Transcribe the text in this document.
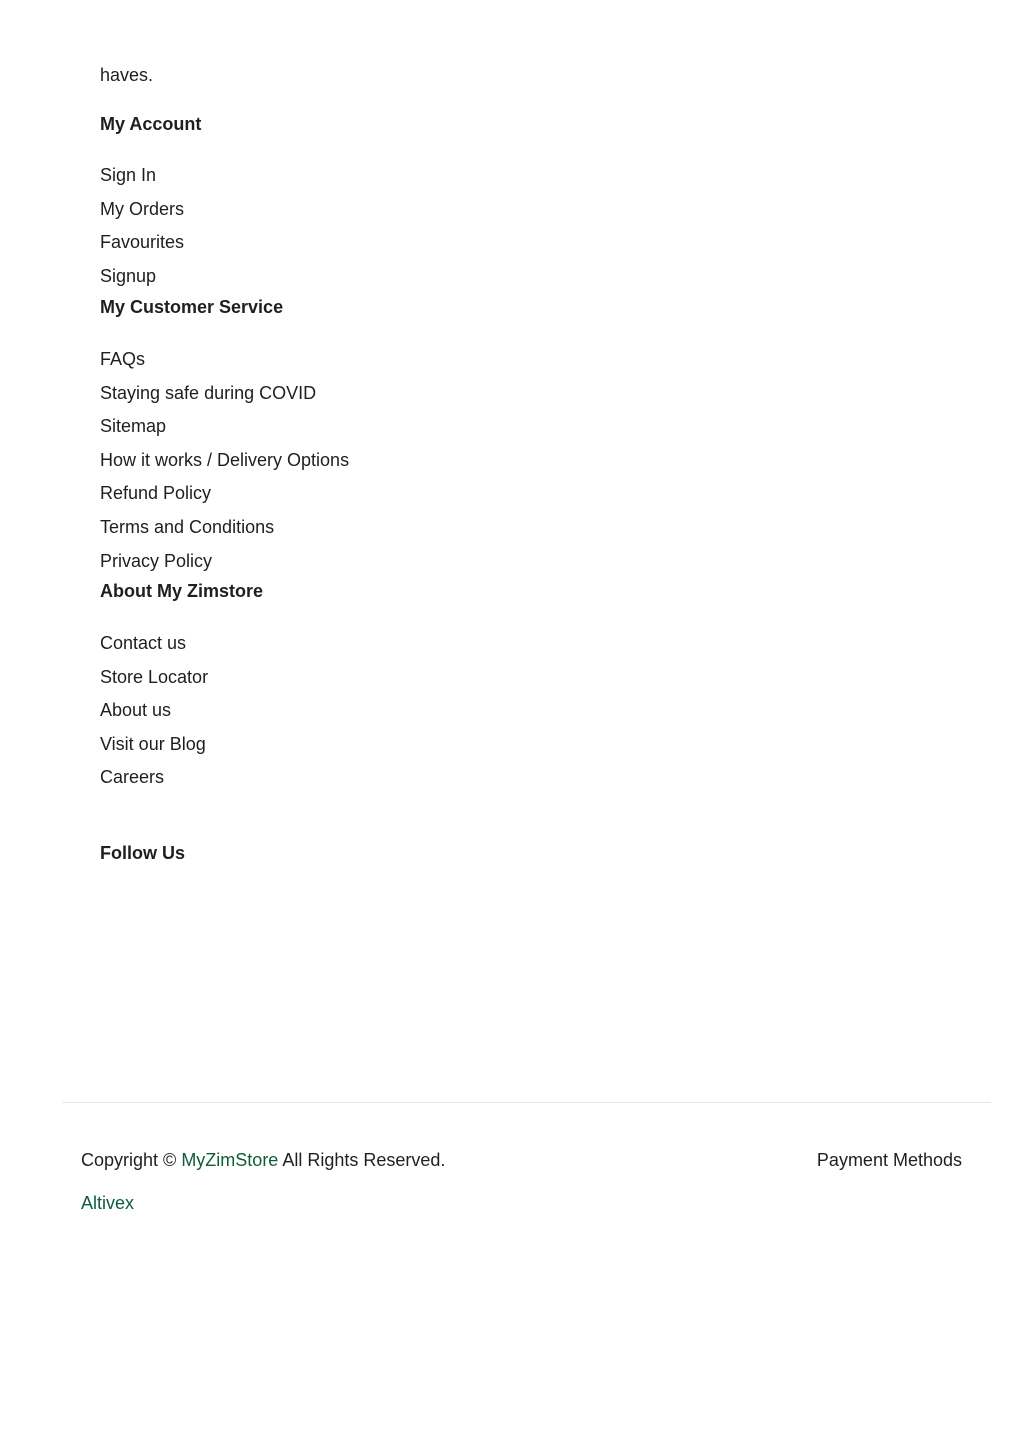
haves.
My Account
Sign In
My Orders
Favourites
Signup
My Customer Service
FAQs
Staying safe during COVID
Sitemap
How it works / Delivery Options
Refund Policy
Terms and Conditions
Privacy Policy
About My Zimstore
Contact us
Store Locator
About us
Visit our Blog
Careers
Follow Us
Copyright © MyZimStore All Rights Reserved.	Payment Methods
Altivex
